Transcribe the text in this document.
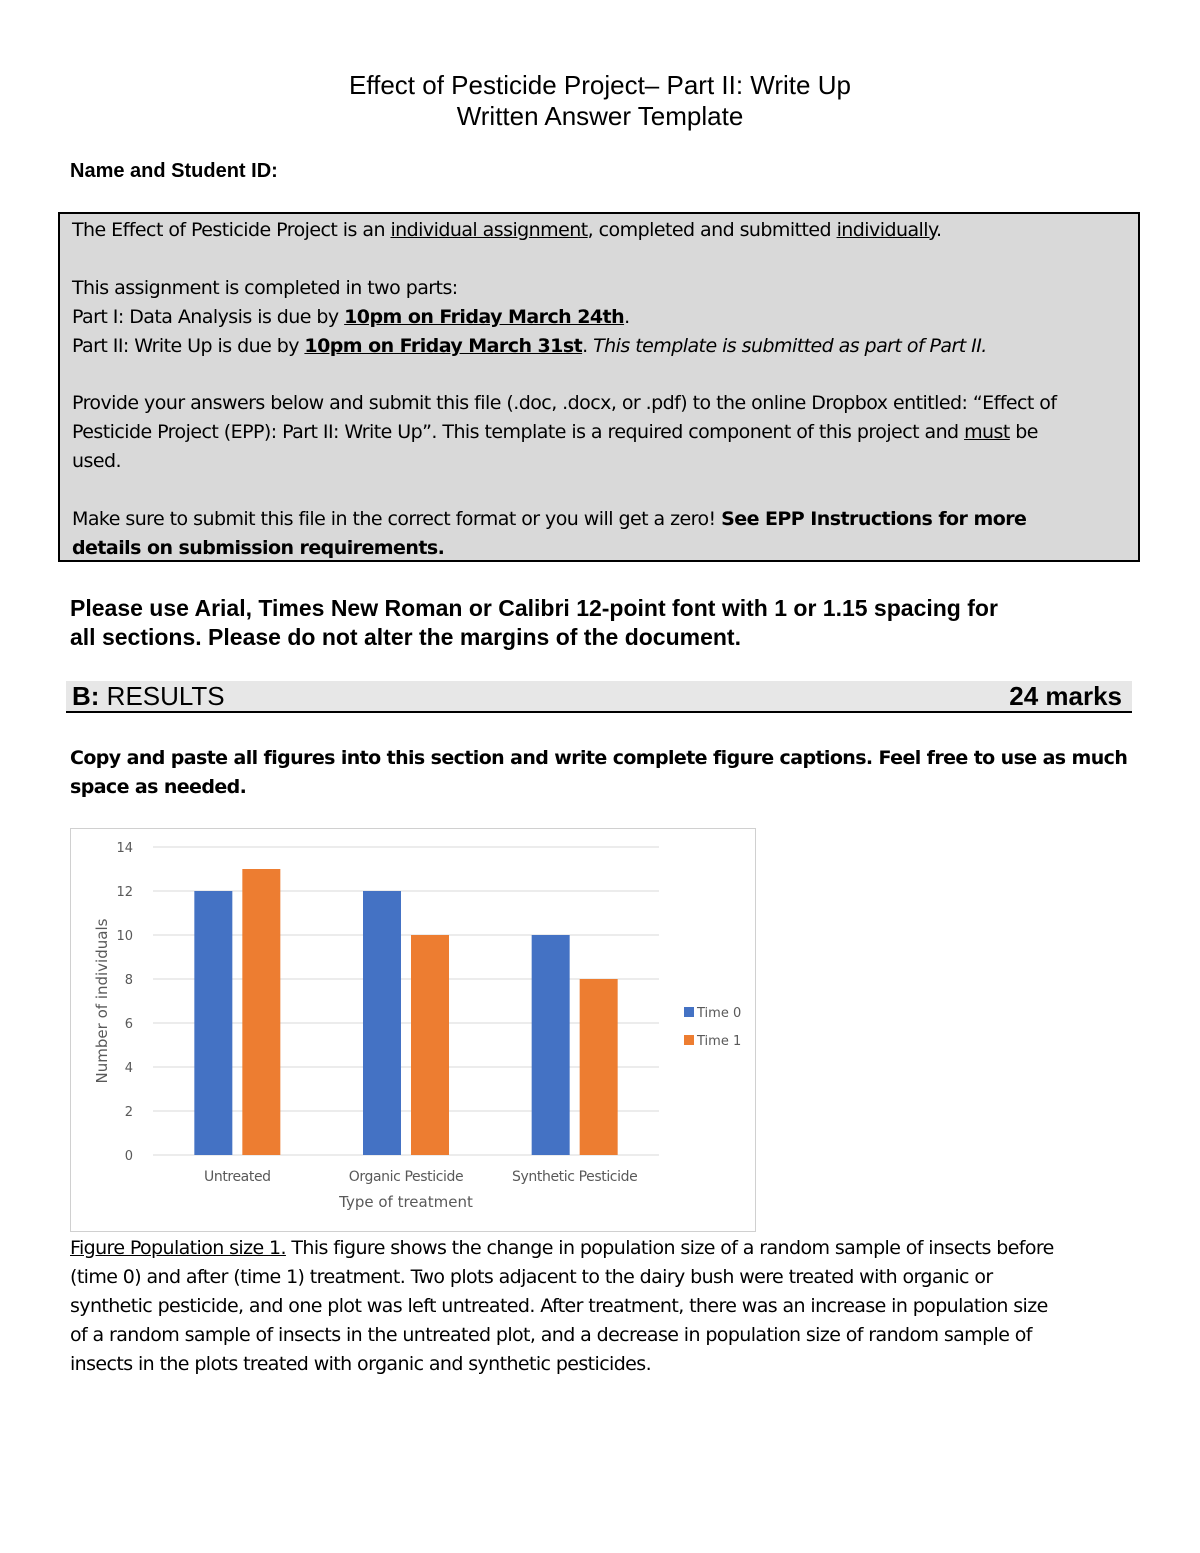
Effect of Pesticide Project– Part II: Write Up
Written Answer Template
Name and Student ID:

The Effect of Pesticide Project is an individual assignment, completed and submitted individually.

This assignment is completed in two parts:

Part I: Data Analysis is due by 10pm on Friday March 24th.

Part II: Write Up is due by 10pm on Friday March 31st. This template is submitted as part of Part II.

Provide your answers below and submit this file (.doc, .docx, or .pdf) to the online Dropbox entitled: “Effect of

Pesticide Project (EPP): Part II: Write Up”. This template is a required component of this project and must be

used.

Make sure to submit this file in the correct format or you will get a zero! See EPP Instructions for more

details on submission requirements.

Please use Arial, Times New Roman or Calibri 12-point font with 1 or 1.15 spacing for
all sections. Please do not alter the margins of the document.
B: RESULTS	24 marks
Copy and paste all figures into this section and write complete figure captions. Feel free to use as much
space as needed.
0
2
4
6
8
10
12
14
Untreated	Organic Pesticide	Synthetic Pesticide
Type of treatment
Number of individuals	Time 0
Time 1
Figure Population size 1. This figure shows the change in population size of a random sample of insects before
(time 0) and after (time 1) treatment. Two plots adjacent to the dairy bush were treated with organic or
synthetic pesticide, and one plot was left untreated. After treatment, there was an increase in population size
of a random sample of insects in the untreated plot, and a decrease in population size of random sample of
insects in the plots treated with organic and synthetic pesticides.
